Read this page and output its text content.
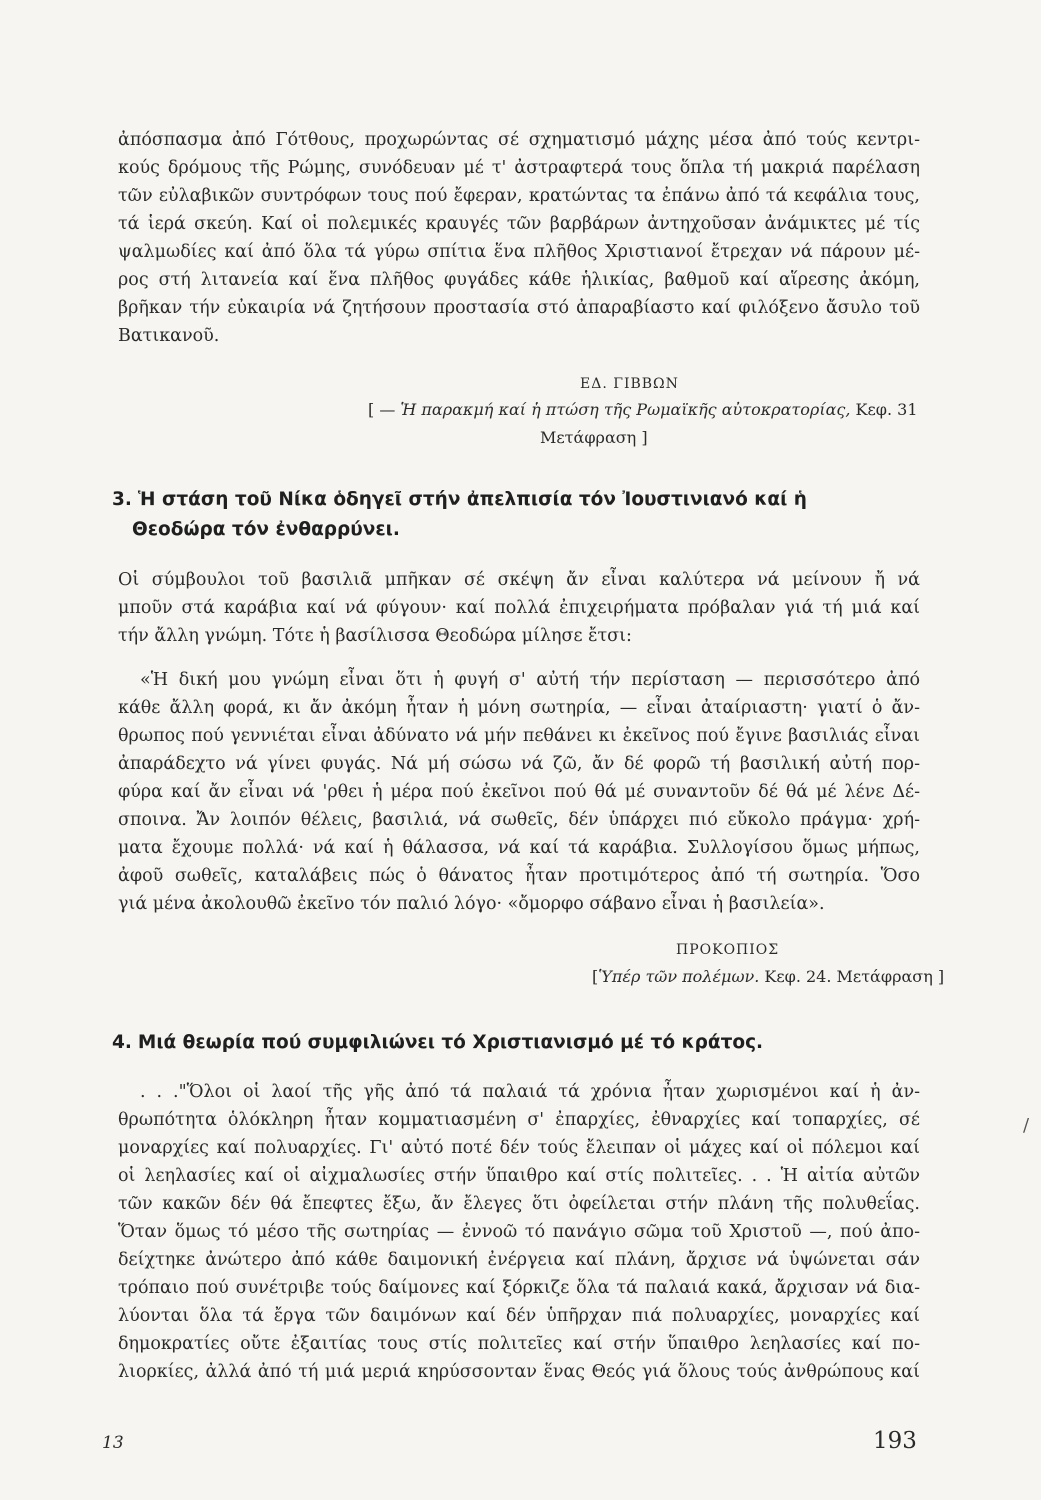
ἀπόσπασμα ἀπό Γότθους, προχωρώντας σέ σχηματισμό μάχης μέσα ἀπό τούς κεντρι-

κούς δρόμους τῆς Ρώμης, συνόδευαν μέ τ' ἀστραφτερά τους ὅπλα τή μακριά παρέλαση

τῶν εὐλαβικῶν συντρόφων τους πού ἔφεραν, κρατώντας τα ἐπάνω ἀπό τά κεφάλια τους,

τά ἱερά σκεύη. Καί οἱ πολεμικές κραυγές τῶν βαρβάρων ἀντηχοῦσαν ἀνάμικτες μέ τίς

ψαλμωδίες καί ἀπό ὅλα τά γύρω σπίτια ἕνα πλῆθος Χριστιανοί ἔτρεχαν νά πάρουν μέ-

ρος στή λιτανεία καί ἕνα πλῆθος φυγάδες κάθε ἡλικίας, βαθμοῦ καί αἵρεσης ἀκόμη,

βρῆκαν τήν εὐκαιρία νά ζητήσουν προστασία στό ἀπαραβίαστο καί φιλόξενο ἄσυλο τοῦ

Βατικανοῦ.

ΕΔ. ΓΙΒΒΩΝ
[ — Ἡ παρακμή καί ἡ πτώση τῆς Ρωμαϊκῆς αὐτοκρατορίας, Κεφ. 31
Μετάφραση ]
3. Ἡ στάση τοῦ Νίκα ὁδηγεῖ στήν ἀπελπισία τόν Ἰουστινιανό καί ἡ
Θεοδώρα τόν ἐνθαρρύνει.

Οἱ σύμβουλοι τοῦ βασιλιᾶ μπῆκαν σέ σκέψη ἄν εἶναι καλύτερα νά μείνουν ἤ νά

μποῦν στά καράβια καί νά φύγουν· καί πολλά ἐπιχειρήματα πρόβαλαν γιά τή μιά καί

τήν ἄλλη γνώμη. Τότε ἡ βασίλισσα Θεοδώρα μίλησε ἔτσι:

«Ἡ δική μου γνώμη εἶναι ὅτι ἡ φυγή σ' αὐτή τήν περίσταση — περισσότερο ἀπό

κάθε ἄλλη φορά, κι ἄν ἀκόμη ἦταν ἡ μόνη σωτηρία, — εἶναι ἀταίριαστη· γιατί ὁ ἄν-

θρωπος πού γεννιέται εἶναι ἀδύνατο νά μήν πεθάνει κι ἐκεῖνος πού ἔγινε βασιλιάς εἶναι

ἀπαράδεχτο νά γίνει φυγάς. Νά μή σώσω νά ζῶ, ἄν δέ φορῶ τή βασιλική αὐτή πορ-

φύρα καί ἄν εἶναι νά 'ρθει ἡ μέρα πού ἐκεῖνοι πού θά μέ συναντοῦν δέ θά μέ λένε Δέ-

σποινα. Ἄν λοιπόν θέλεις, βασιλιά, νά σωθεῖς, δέν ὑπάρχει πιό εὔκολο πράγμα· χρή-

ματα ἔχουμε πολλά· νά καί ἡ θάλασσα, νά καί τά καράβια. Συλλογίσου ὅμως μήπως,

ἀφοῦ σωθεῖς, καταλάβεις πώς ὁ θάνατος ἦταν προτιμότερος ἀπό τή σωτηρία. Ὅσο

γιά μένα ἀκολουθῶ ἐκεῖνο τόν παλιό λόγο· «ὄμορφο σάβανο εἶναι ἡ βασιλεία».

ΠΡΟΚΟΠΙΟΣ
[Ὑπέρ τῶν πολέμων. Κεφ. 24. Μετάφραση ]
4. Μιά θεωρία πού συμφιλιώνει τό Χριστιανισμό μέ τό κράτος.

. . ."Ὅλοι οἱ λαοί τῆς γῆς ἀπό τά παλαιά τά χρόνια ἦταν χωρισμένοι καί ἡ ἀν-

θρωπότητα ὁλόκληρη ἦταν κομματιασμένη σ' ἐπαρχίες, ἐθναρχίες καί τοπαρχίες, σέ

μοναρχίες καί πολυαρχίες. Γι' αὐτό ποτέ δέν τούς ἔλειπαν οἱ μάχες καί οἱ πόλεμοι καί

οἱ λεηλασίες καί οἱ αἰχμαλωσίες στήν ὕπαιθρο καί στίς πολιτεῖες. . . Ἡ αἰτία αὐτῶν

τῶν κακῶν δέν θά ἔπεφτες ἔξω, ἄν ἔλεγες ὅτι ὀφείλεται στήν πλάνη τῆς πολυθεΐας.

Ὅταν ὅμως τό μέσο τῆς σωτηρίας — ἐννοῶ τό πανάγιο σῶμα τοῦ Χριστοῦ —, πού ἀπο-

δείχτηκε ἀνώτερο ἀπό κάθε δαιμονική ἐνέργεια καί πλάνη, ἄρχισε νά ὑψώνεται σάν

τρόπαιο πού συνέτριβε τούς δαίμονες καί ξόρκιζε ὅλα τά παλαιά κακά, ἄρχισαν νά δια-

λύονται ὅλα τά ἔργα τῶν δαιμόνων καί δέν ὑπῆρχαν πιά πολυαρχίες, μοναρχίες καί

δημοκρατίες οὔτε ἐξαιτίας τους στίς πολιτεῖες καί στήν ὕπαιθρο λεηλασίες καί πο-

λιορκίες, ἀλλά ἀπό τή μιά μεριά κηρύσσονταν ἕνας Θεός γιά ὅλους τούς ἀνθρώπους καί

13	193
/
